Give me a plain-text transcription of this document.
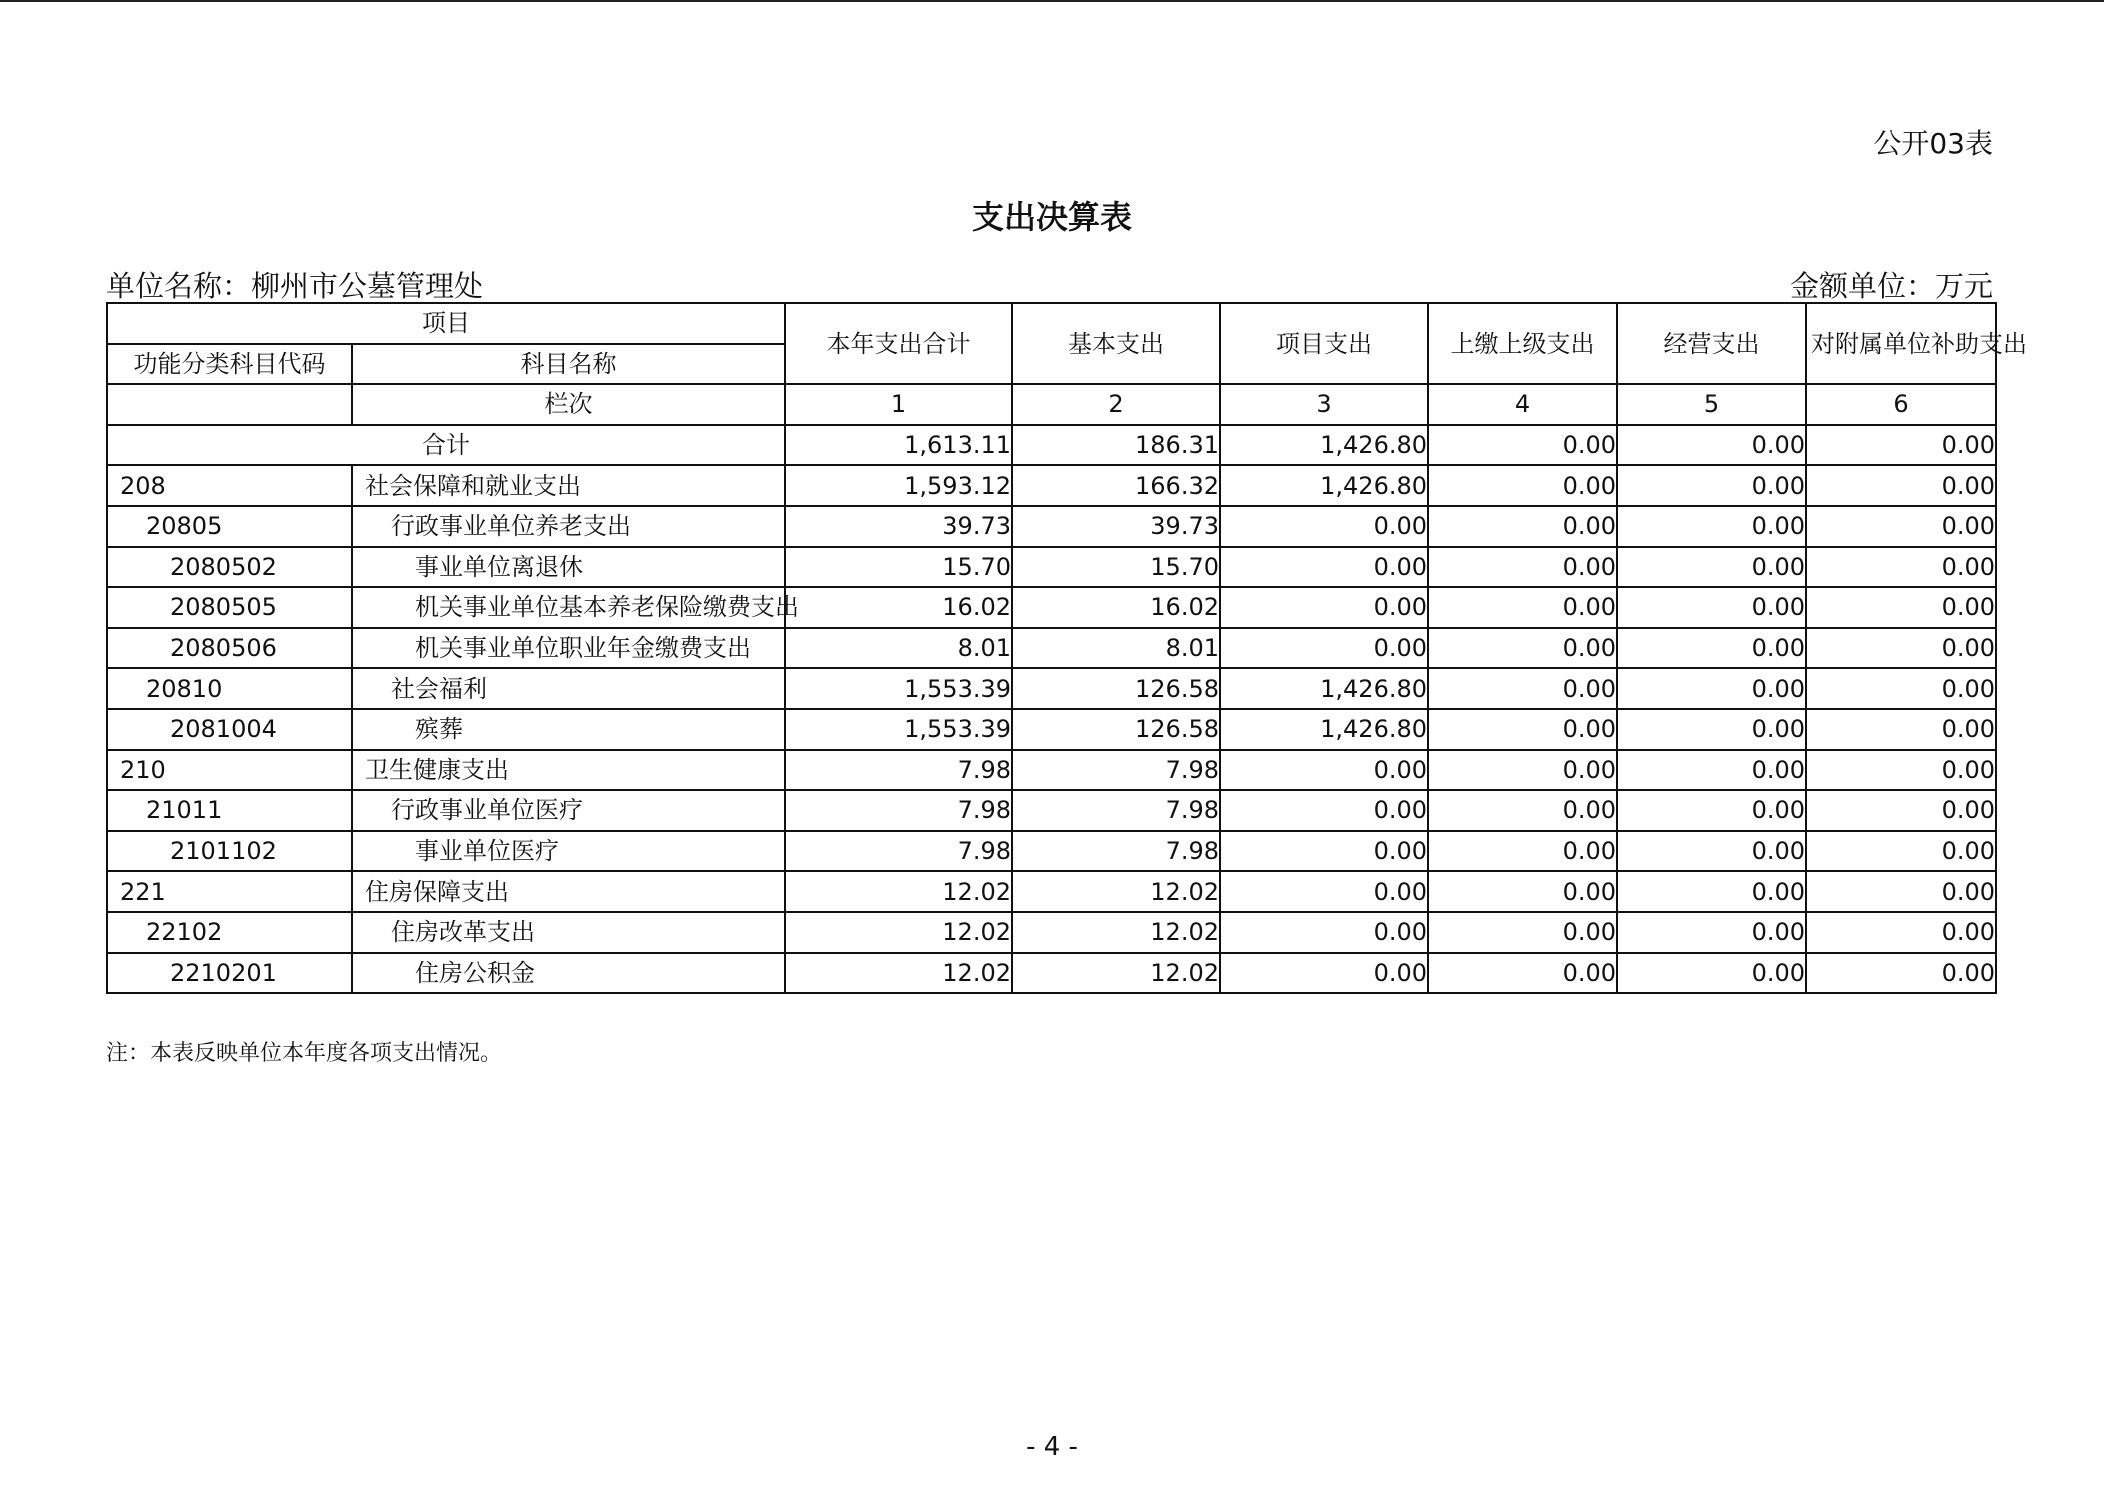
公开03表
支出决算表
单位名称：柳州市公墓管理处	金额单位：万元
项目		本年支出合计	基本支出	项目支出	上缴上级支出	经营支出	对附属单位补助支出
功能分类科目代码	科目名称						
	栏次	1	2	3	4	5	6
合计		1,613.11	186.31	1,426.80	0.00	0.00	0.00
208	社会保障和就业支出	1,593.12	166.32	1,426.80	0.00	0.00	0.00
20805	行政事业单位养老支出	39.73	39.73	0.00	0.00	0.00	0.00
2080502	事业单位离退休	15.70	15.70	0.00	0.00	0.00	0.00
2080505	机关事业单位基本养老保险缴费支出	16.02	16.02	0.00	0.00	0.00	0.00
2080506	机关事业单位职业年金缴费支出	8.01	8.01	0.00	0.00	0.00	0.00
20810	社会福利	1,553.39	126.58	1,426.80	0.00	0.00	0.00
2081004	殡葬	1,553.39	126.58	1,426.80	0.00	0.00	0.00
210	卫生健康支出	7.98	7.98	0.00	0.00	0.00	0.00
21011	行政事业单位医疗	7.98	7.98	0.00	0.00	0.00	0.00
2101102	事业单位医疗	7.98	7.98	0.00	0.00	0.00	0.00
221	住房保障支出	12.02	12.02	0.00	0.00	0.00	0.00
22102	住房改革支出	12.02	12.02	0.00	0.00	0.00	0.00
2210201	住房公积金	12.02	12.02	0.00	0.00	0.00	0.00
注：本表反映单位本年度各项支出情况。
- 4 -
